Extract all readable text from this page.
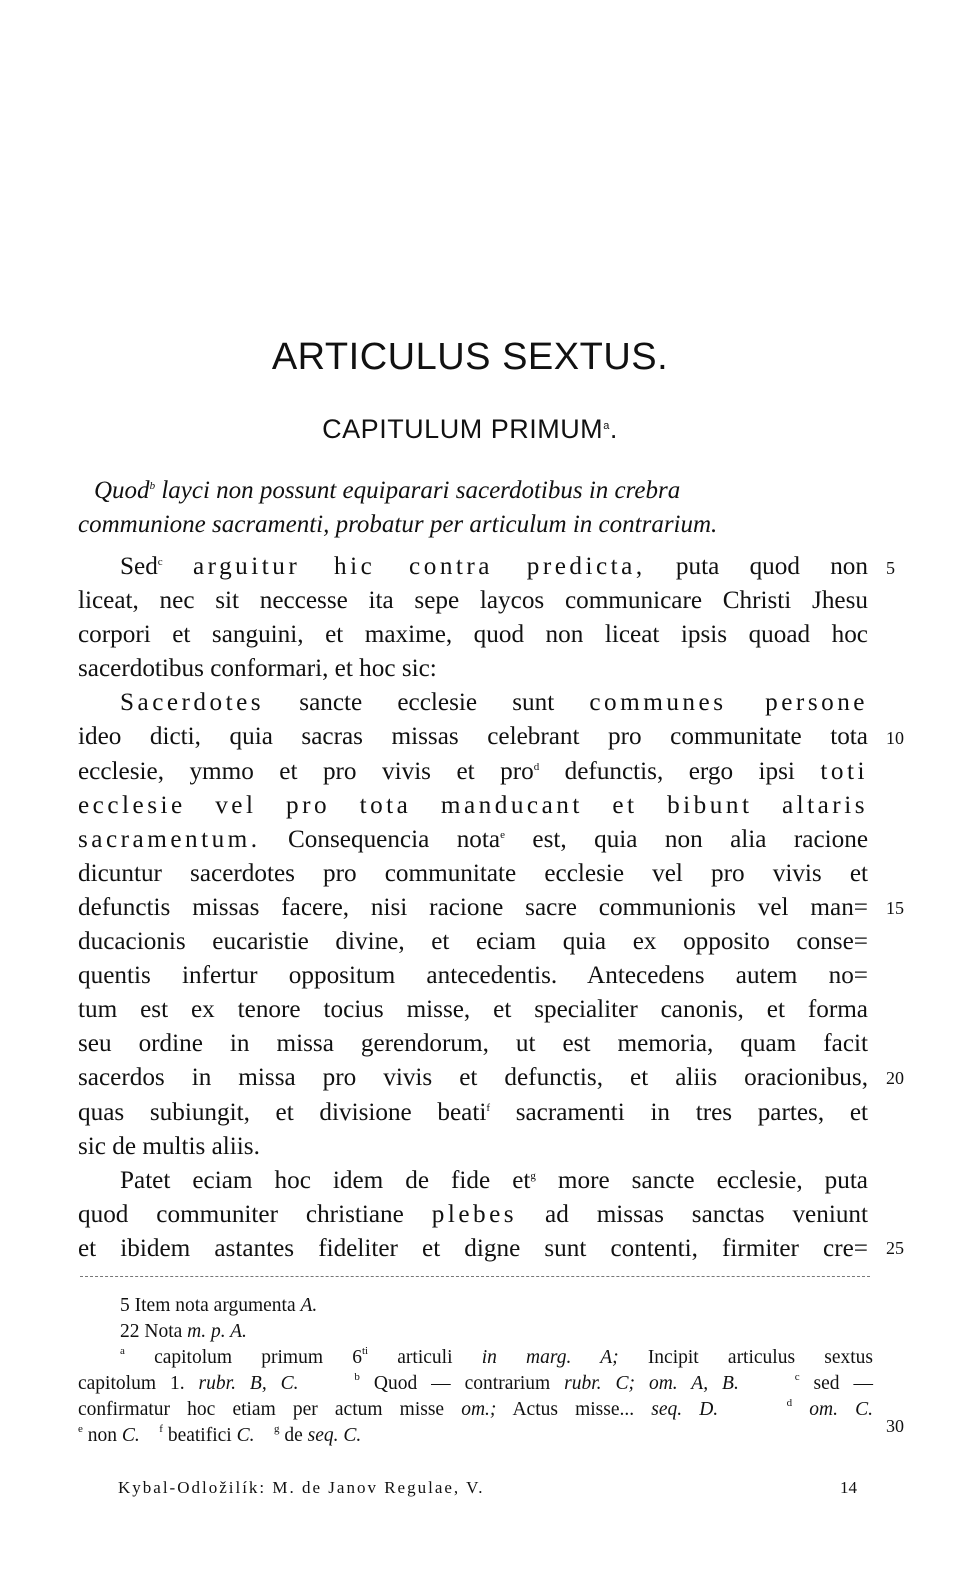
ARTICULUS SEXTUS.
CAPITULUM PRIMUM$^a$.
Quod$^b$ layci non possunt equiparari sacerdotibus in crebra
communione sacramenti, probatur per articulum in contrarium.
Sed$^c$ arguitur hic contra predicta, puta quod non
liceat, nec sit neccesse ita sepe laycos communicare Christi Jhesu
corpori et sanguini, et maxime, quod non liceat ipsis quoad hoc
sacerdotibus conformari, et hoc sic:
Sacerdotes sancte ecclesie sunt communes persone
ideo dicti, quia sacras missas celebrant pro communitate tota
ecclesie, ymmo et pro vivis et pro$^d$ defunctis, ergo ipsi toti
ecclesie vel pro tota manducant et bibunt altaris
sacramentum. Consequencia nota$^e$ est, quia non alia racione
dicuntur sacerdotes pro communitate ecclesie vel pro vivis et
defunctis missas facere, nisi racione sacre communionis vel man=
ducacionis eucaristie divine, et eciam quia ex opposito conse=
quentis infertur oppositum antecedentis. Antecedens autem no=
tum est ex tenore tocius misse, et specialiter canonis, et forma
seu ordine in missa gerendorum, ut est memoria, quam facit
sacerdos in missa pro vivis et defunctis, et aliis oracionibus,
quas subiungit, et divisione beati$^f$ sacramenti in tres partes, et
sic de multis aliis.
Patet eciam hoc idem de fide $et^g$ more sancte ecclesie, puta
quod communiter christiane plebes ad missas sanctas veniunt
et ibidem astantes fideliter et digne sunt contenti, firmiter cre=
5
10
15
20
25
30
5 Item nota argumenta A.
22 Nota m. p. A.
$^a$ capitolum primum $6^{ti}$ articuli in marg. A; Incipit articulus sextus
capitolum 1. rubr. B, C.	$^b$ Quod — contrarium rubr. C; om. A, B.	$^c$ sed —
confirmatur hoc etiam per actum misse om.; Actus misse... seq. D.	$^d$ om. C.
$^e$ non C. $^f$ beatifici C. $^g$ de seq. C.
Kybal-Odložilík: M. de Janov Regulae, V.	14
